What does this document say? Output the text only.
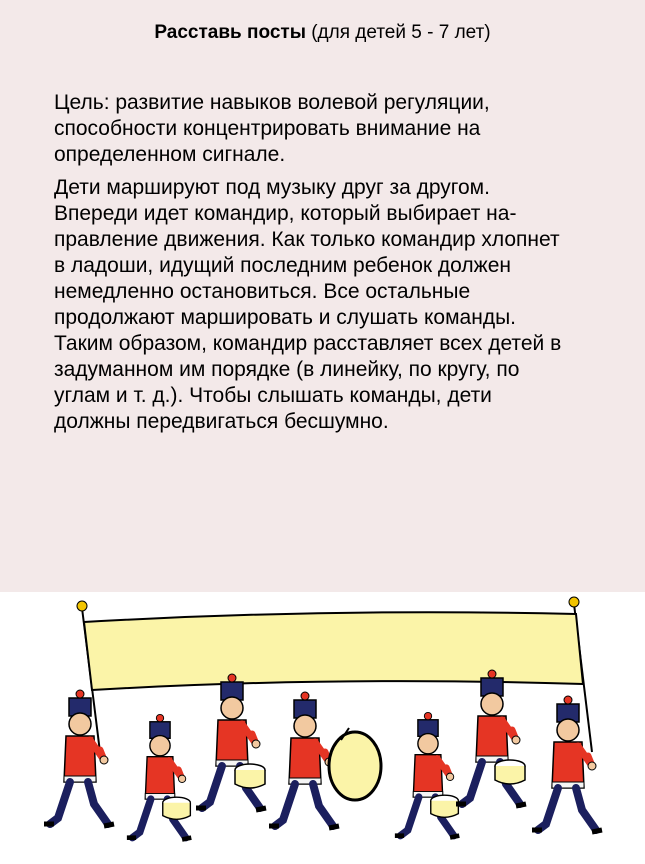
Расставь посты (для детей 5 - 7 лет)

Цель: развитие навыков волевой регуляции,
способности концентрировать внимание на
определенном сигнале.

Дети маршируют под музыку друг за другом.
Впереди идет командир, который выбирает на-
правление движения. Как только командир хлопнет
в ладоши, идущий последним ребенок должен
немедленно остановиться. Все остальные
продолжают маршировать и слушать команды.
Таким образом, командир расставляет всех детей в
задуманном им порядке (в линейку, по кругу, по
углам и т. д.). Чтобы слышать команды, дети
должны передвигаться бесшумно.
